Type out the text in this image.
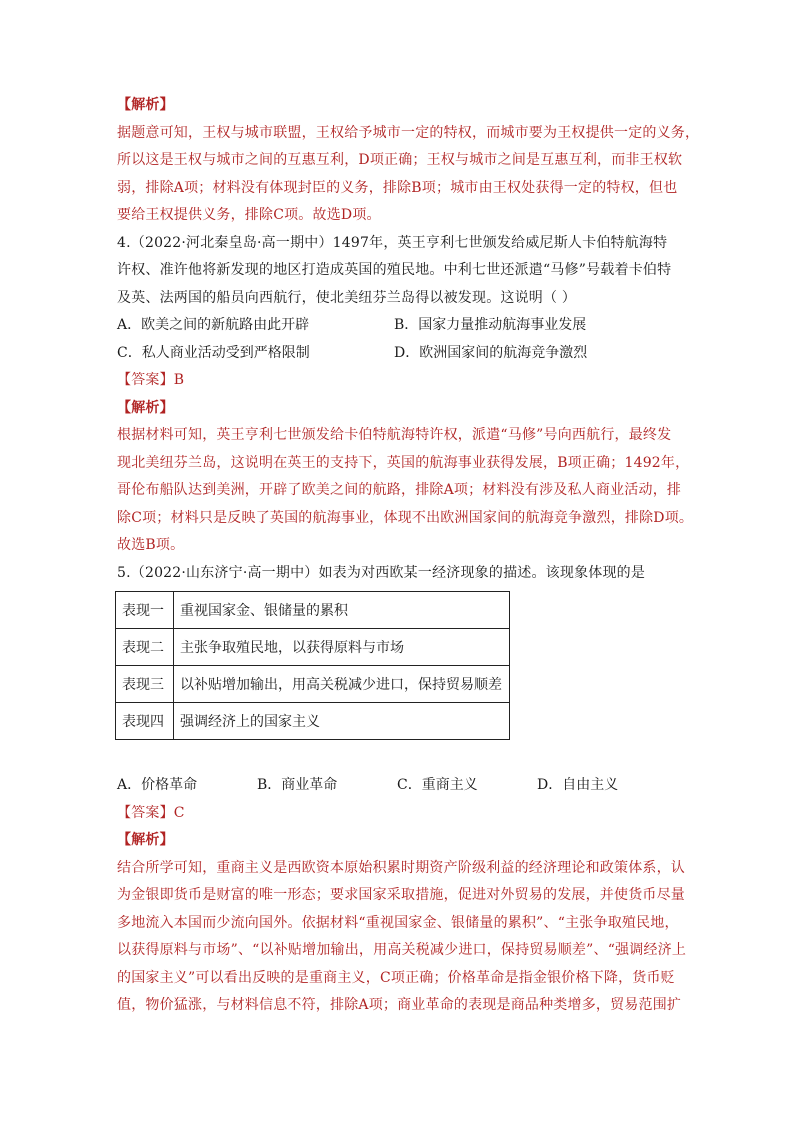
【解析】
据题意可知，王权与城市联盟，王权给予城市一定的特权，而城市要为王权提供一定的义务，
所以这是王权与城市之间的互惠互利，D项正确；王权与城市之间是互惠互利，而非王权软
弱，排除A项；材料没有体现封臣的义务，排除B项；城市由王权处获得一定的特权，但也
要给王权提供义务，排除C项。故选D项。
4.（2022·河北秦皇岛·高一期中）1497年，英王亨利七世颁发给威尼斯人卡伯特航海特
许权、准许他将新发现的地区打造成英国的殖民地。中利七世还派遣“马修”号载着卡伯特
及英、法两国的船员向西航行，使北美纽芬兰岛得以被发现。这说明（ ）
A．欧美之间的新航路由此开辟	B．国家力量推动航海事业发展
C．私人商业活动受到严格限制	D．欧洲国家间的航海竞争激烈
【答案】B
【解析】
根据材料可知，英王亨利七世颁发给卡伯特航海特许权，派遣“马修”号向西航行，最终发
现北美纽芬兰岛，这说明在英王的支持下，英国的航海事业获得发展，B项正确；1492年，
哥伦布船队达到美洲，开辟了欧美之间的航路，排除A项；材料没有涉及私人商业活动，排
除C项；材料只是反映了英国的航海事业，体现不出欧洲国家间的航海竞争激烈，排除D项。
故选B项。
5.（2022·山东济宁·高一期中）如表为对西欧某一经济现象的描述。该现象体现的是
表现一	重视国家金、银储量的累积
表现二	主张争取殖民地，以获得原料与市场
表现三	以补贴增加输出，用高关税减少进口，保持贸易顺差
表现四	强调经济上的国家主义
A．价格革命	B．商业革命	C．重商主义	D．自由主义
【答案】C
【解析】
结合所学可知，重商主义是西欧资本原始积累时期资产阶级利益的经济理论和政策体系，认
为金银即货币是财富的唯一形态；要求国家采取措施，促进对外贸易的发展，并使货币尽量
多地流入本国而少流向国外。依据材料“重视国家金、银储量的累积”、“主张争取殖民地，
以获得原料与市场”、“以补贴增加输出，用高关税减少进口，保持贸易顺差”、“强调经济上
的国家主义”可以看出反映的是重商主义，C项正确；价格革命是指金银价格下降，货币贬
值，物价猛涨，与材料信息不符，排除A项；商业革命的表现是商品种类增多，贸易范围扩
